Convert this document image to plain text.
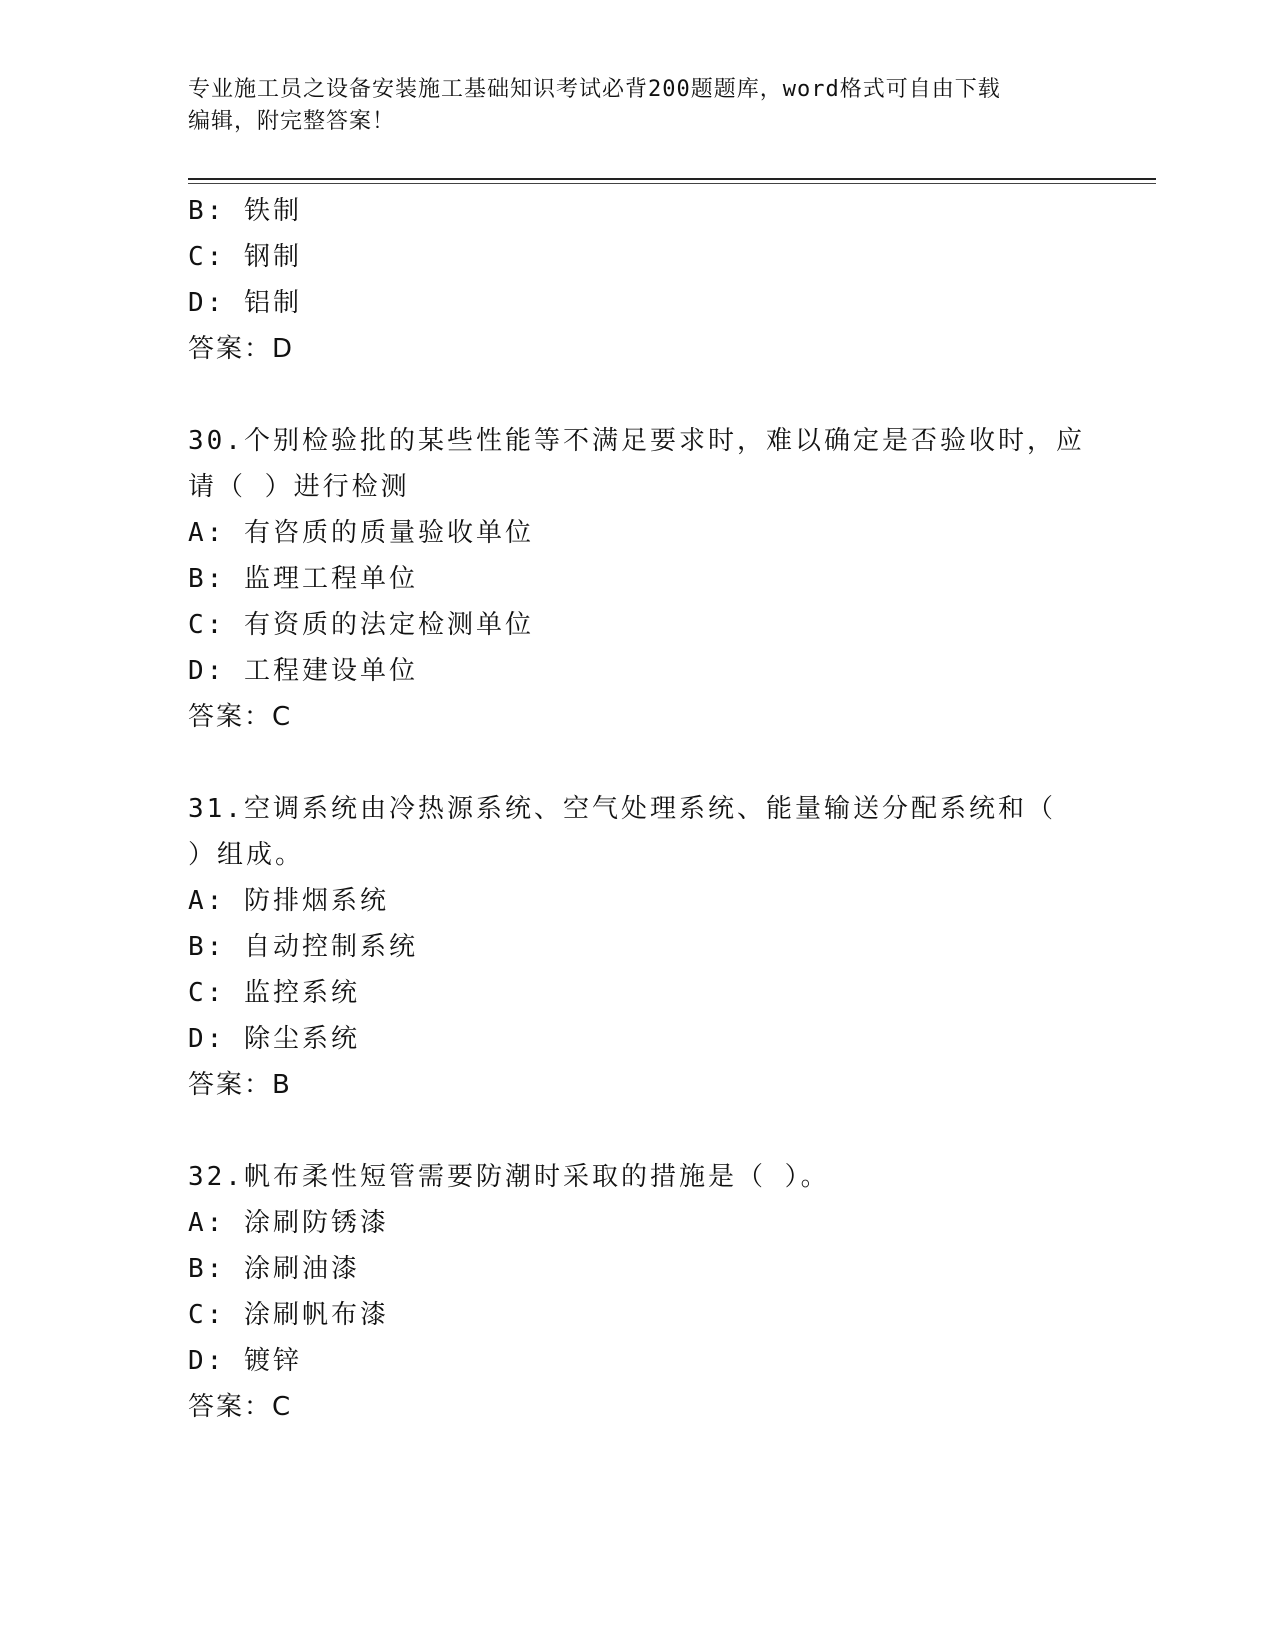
专业施工员之设备安装施工基础知识考试必背200题题库，word格式可自由下载
编辑，附完整答案！
B: 铁制
C: 钢制
D: 铝制
答案：D
30.个别检验批的某些性能等不满足要求时，难以确定是否验收时，应
请（ ）进行检测
A: 有咨质的质量验收单位
B: 监理工程单位
C: 有资质的法定检测单位
D: 工程建设单位
答案：C
31.空调系统由冷热源系统、空气处理系统、能量输送分配系统和（
）组成。
A: 防排烟系统
B: 自动控制系统
C: 监控系统
D: 除尘系统
答案：B
32.帆布柔性短管需要防潮时采取的措施是（ ）。
A: 涂刷防锈漆
B: 涂刷油漆
C: 涂刷帆布漆
D: 镀锌
答案：C
